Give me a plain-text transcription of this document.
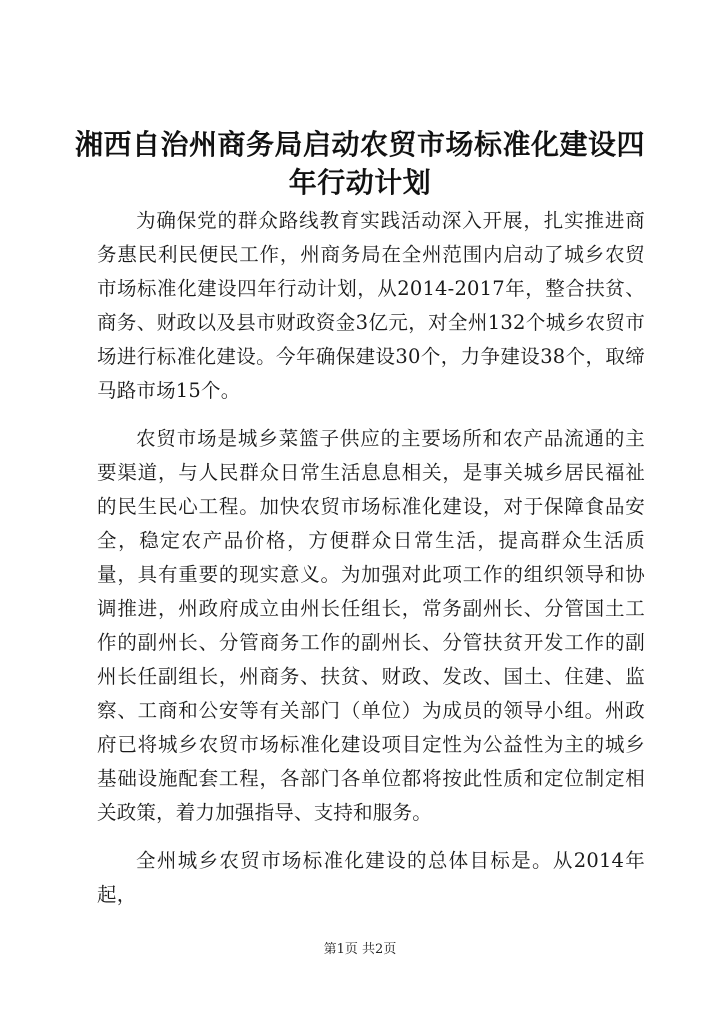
湘西自治州商务局启动农贸市场标准化建设四年行动计划

为确保党的群众路线教育实践活动深入开展，扎实推进商务惠民利民便民工作，州商务局在全州范围内启动了城乡农贸市场标准化建设四年行动计划，从2014-2017年，整合扶贫、商务、财政以及县市财政资金3亿元，对全州132个城乡农贸市场进行标准化建设。今年确保建设30个，力争建设38个，取缔马路市场15个。

农贸市场是城乡菜篮子供应的主要场所和农产品流通的主要渠道，与人民群众日常生活息息相关，是事关城乡居民福祉的民生民心工程。加快农贸市场标准化建设，对于保障食品安全，稳定农产品价格，方便群众日常生活，提高群众生活质量，具有重要的现实意义。为加强对此项工作的组织领导和协调推进，州政府成立由州长任组长，常务副州长、分管国土工作的副州长、分管商务工作的副州长、分管扶贫开发工作的副州长任副组长，州商务、扶贫、财政、发改、国土、住建、监察、工商和公安等有关部门（单位）为成员的领导小组。州政府已将城乡农贸市场标准化建设项目定性为公益性为主的城乡基础设施配套工程，各部门各单位都将按此性质和定位制定相关政策，着力加强指导、支持和服务。

全州城乡农贸市场标准化建设的总体目标是。从2014年起，

第1页 共2页
